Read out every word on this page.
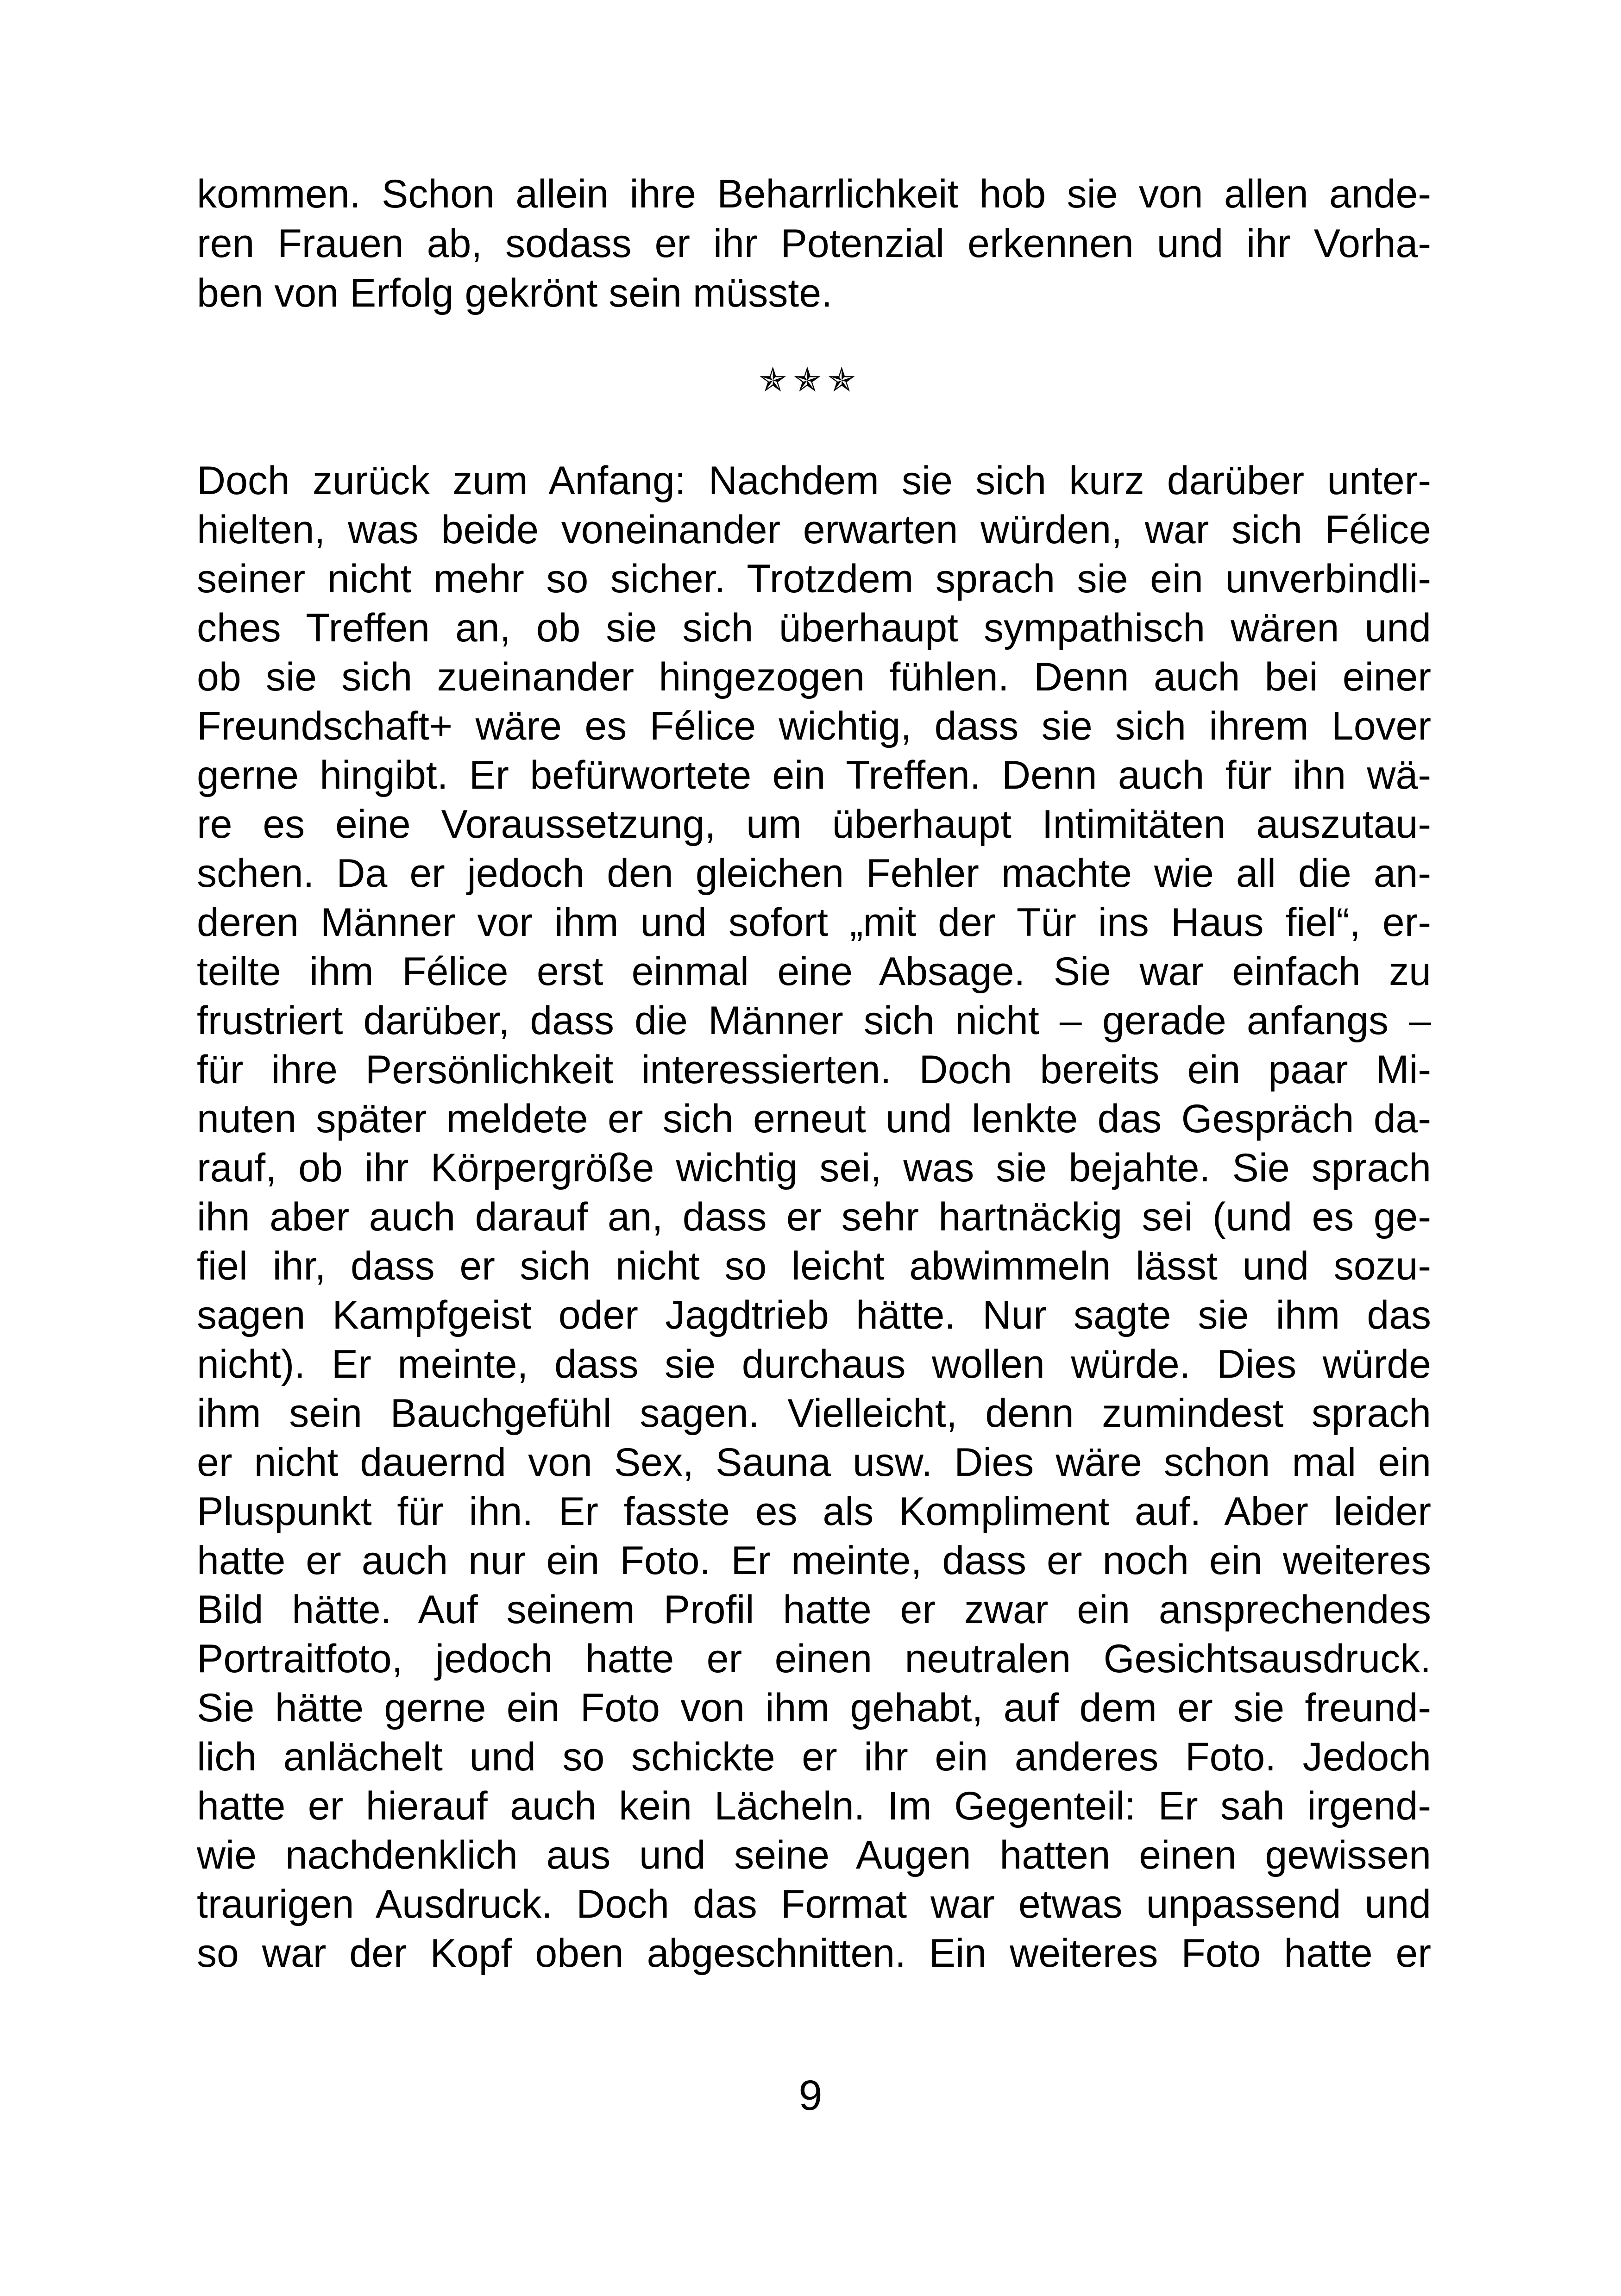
kommen. Schon allein ihre Beharrlichkeit hob sie von allen ande-
ren Frauen ab, sodass er ihr Potenzial erkennen und ihr Vorha-
ben von Erfolg gekrönt sein müsste.
✯✯✯
Doch zurück zum Anfang: Nachdem sie sich kurz darüber unter-
hielten, was beide voneinander erwarten würden, war sich Félice
seiner nicht mehr so sicher. Trotzdem sprach sie ein unverbindli-
ches Treffen an, ob sie sich überhaupt sympathisch wären und
ob sie sich zueinander hingezogen fühlen. Denn auch bei einer
Freundschaft+ wäre es Félice wichtig, dass sie sich ihrem Lover
gerne hingibt. Er befürwortete ein Treffen. Denn auch für ihn wä-
re es eine Voraussetzung, um überhaupt Intimitäten auszutau-
schen. Da er jedoch den gleichen Fehler machte wie all die an-
deren Männer vor ihm und sofort „mit der Tür ins Haus fiel“, er-
teilte ihm Félice erst einmal eine Absage. Sie war einfach zu
frustriert darüber, dass die Männer sich nicht – gerade anfangs –
für ihre Persönlichkeit interessierten. Doch bereits ein paar Mi-
nuten später meldete er sich erneut und lenkte das Gespräch da-
rauf, ob ihr Körpergröße wichtig sei, was sie bejahte. Sie sprach
ihn aber auch darauf an, dass er sehr hartnäckig sei (und es ge-
fiel ihr, dass er sich nicht so leicht abwimmeln lässt und sozu-
sagen Kampfgeist oder Jagdtrieb hätte. Nur sagte sie ihm das
nicht). Er meinte, dass sie durchaus wollen würde. Dies würde
ihm sein Bauchgefühl sagen. Vielleicht, denn zumindest sprach
er nicht dauernd von Sex, Sauna usw. Dies wäre schon mal ein
Pluspunkt für ihn. Er fasste es als Kompliment auf. Aber leider
hatte er auch nur ein Foto. Er meinte, dass er noch ein weiteres
Bild hätte. Auf seinem Profil hatte er zwar ein ansprechendes
Portraitfoto, jedoch hatte er einen neutralen Gesichtsausdruck.
Sie hätte gerne ein Foto von ihm gehabt, auf dem er sie freund-
lich anlächelt und so schickte er ihr ein anderes Foto. Jedoch
hatte er hierauf auch kein Lächeln. Im Gegenteil: Er sah irgend-
wie nachdenklich aus und seine Augen hatten einen gewissen
traurigen Ausdruck. Doch das Format war etwas unpassend und
so war der Kopf oben abgeschnitten. Ein weiteres Foto hatte er
9
